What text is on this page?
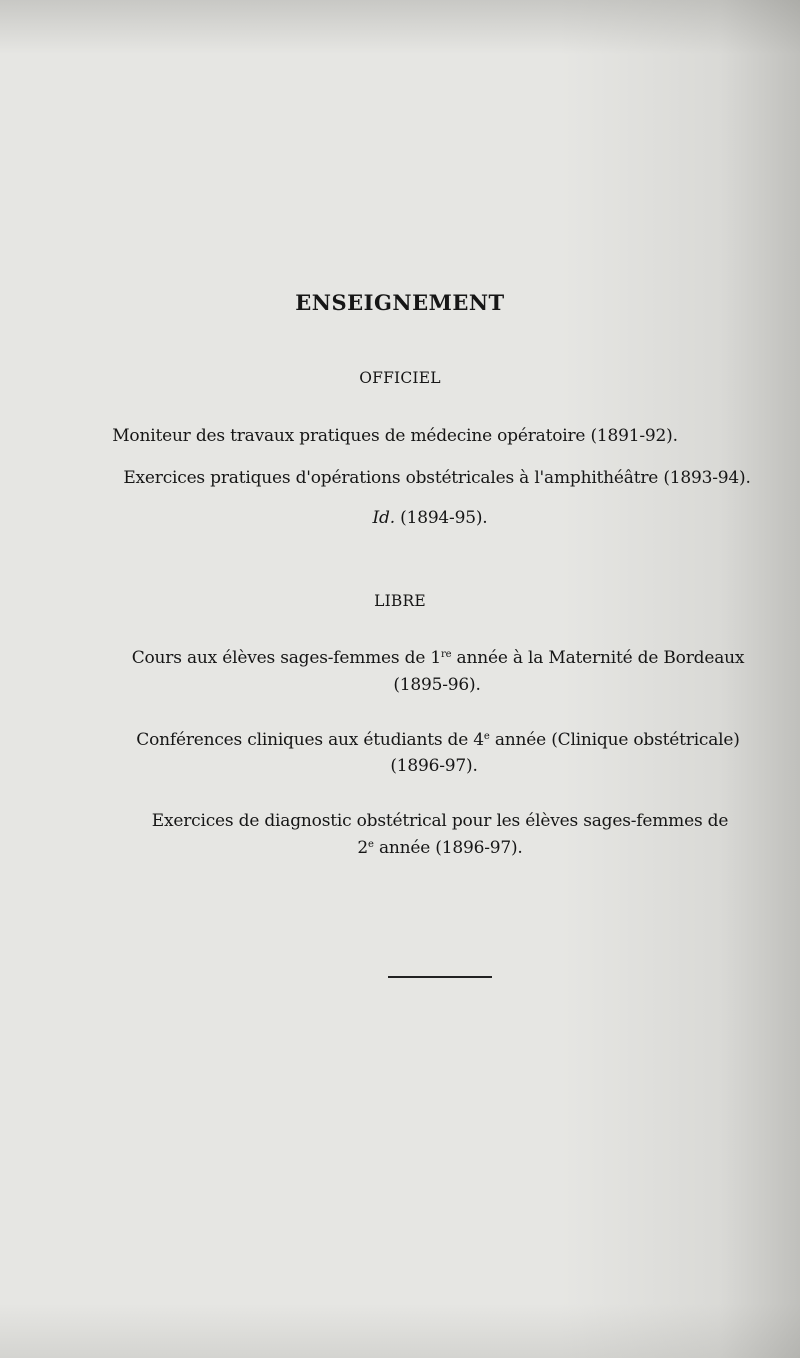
ENSEIGNEMENT
OFFICIEL
Moniteur des travaux pratiques de médecine opératoire (1891-92).
Exercices pratiques d'opérations obstétricales à l'amphithéâtre (1893-94).
Id. (1894-95).
LIBRE
Cours aux élèves sages-femmes de 1re année à la Maternité de Bordeaux
(1895-96).
Conférences cliniques aux étudiants de 4e année (Clinique obstétricale)
(1896-97).
Exercices de diagnostic obstétrical pour les élèves sages-femmes de
2e année (1896-97).
